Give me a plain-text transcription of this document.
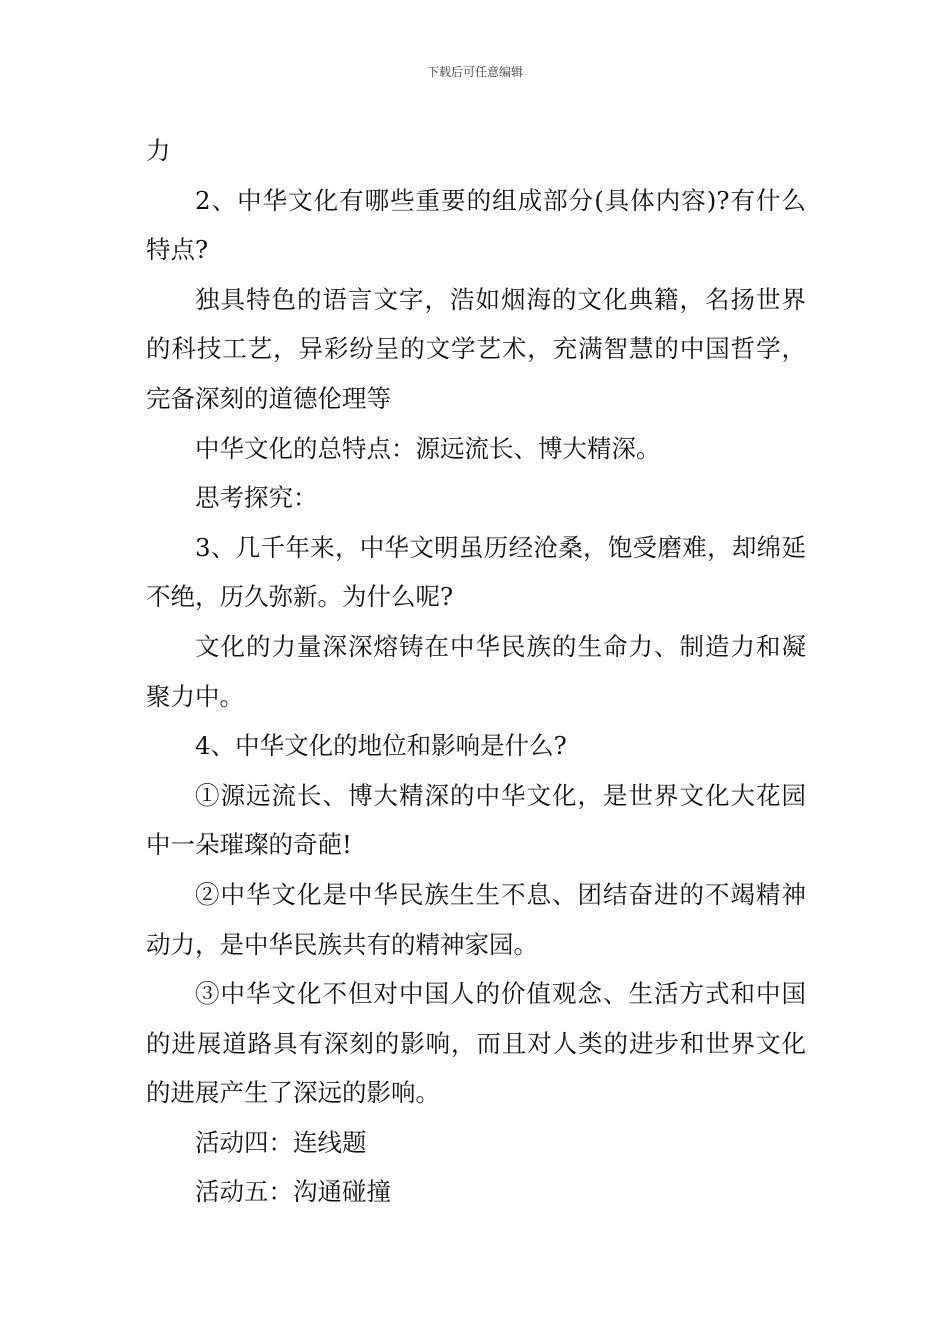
下载后可任意编辑

力

2、中华文化有哪些重要的组成部分(具体内容)?有什么特点?

独具特色的语言文字，浩如烟海的文化典籍，名扬世界的科技工艺，异彩纷呈的文学艺术，充满智慧的中国哲学，完备深刻的道德伦理等

中华文化的总特点：源远流长、博大精深。

思考探究：

3、几千年来，中华文明虽历经沧桑，饱受磨难，却绵延不绝，历久弥新。为什么呢?

文化的力量深深熔铸在中华民族的生命力、制造力和凝聚力中。

4、中华文化的地位和影响是什么?

①源远流长、博大精深的中华文化，是世界文化大花园中一朵璀璨的奇葩!

②中华文化是中华民族生生不息、团结奋进的不竭精神动力，是中华民族共有的精神家园。

③中华文化不但对中国人的价值观念、生活方式和中国的进展道路具有深刻的影响，而且对人类的进步和世界文化的进展产生了深远的影响。

活动四：连线题

活动五：沟通碰撞
